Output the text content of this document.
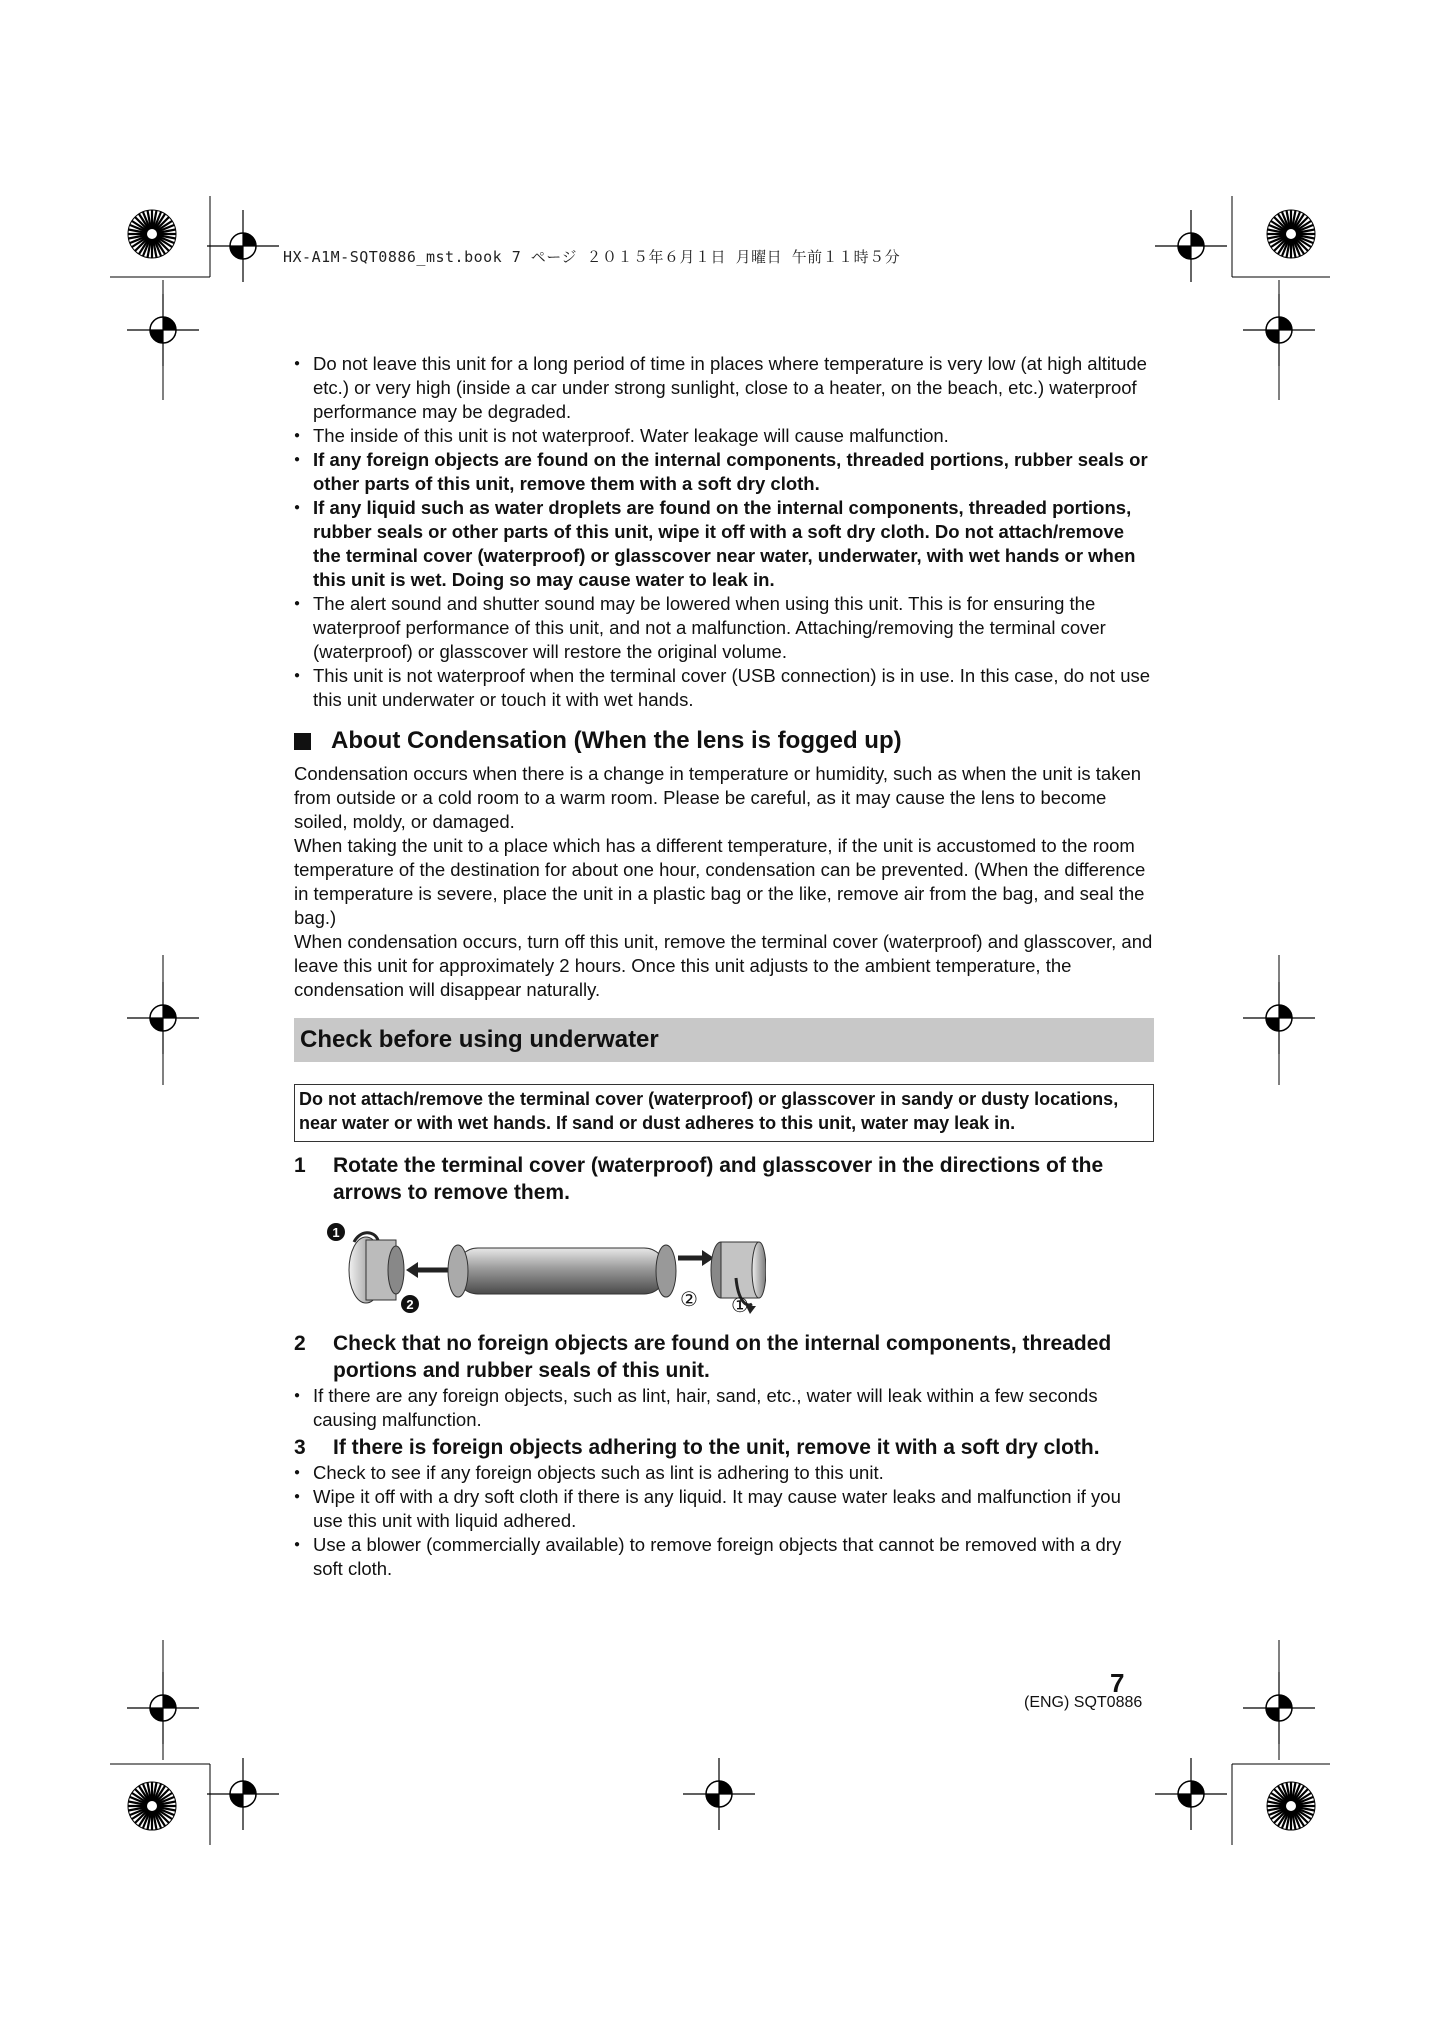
HX-A1M-SQT0886_mst.book 7 ページ ２０１５年６月１日 月曜日 午前１１時５分

● Do not leave this unit for a long period of time in places where temperature is very low (at high altitude etc.) or very high (inside a car under strong sunlight, close to a heater, on the beach, etc.) waterproof performance may be degraded.

● The inside of this unit is not waterproof. Water leakage will cause malfunction.

● If any foreign objects are found on the internal components, threaded portions, rubber seals or other parts of this unit, remove them with a soft dry cloth.

● If any liquid such as water droplets are found on the internal components, threaded portions, rubber seals or other parts of this unit, wipe it off with a soft dry cloth. Do not attach/remove the terminal cover (waterproof) or glasscover near water, underwater, with wet hands or when this unit is wet. Doing so may cause water to leak in.

● The alert sound and shutter sound may be lowered when using this unit. This is for ensuring the waterproof performance of this unit, and not a malfunction. Attaching/removing the terminal cover (waterproof) or glasscover will restore the original volume.

● This unit is not waterproof when the terminal cover (USB connection) is in use. In this case, do not use this unit underwater or touch it with wet hands.

About Condensation (When the lens is fogged up)

Condensation occurs when there is a change in temperature or humidity, such as when the unit is taken from outside or a cold room to a warm room. Please be careful, as it may cause the lens to become soiled, moldy, or damaged.

When taking the unit to a place which has a different temperature, if the unit is accustomed to the room temperature of the destination for about one hour, condensation can be prevented. (When the difference in temperature is severe, place the unit in a plastic bag or the like, remove air from the bag, and seal the bag.)

When condensation occurs, turn off this unit, remove the terminal cover (waterproof) and glasscover, and leave this unit for approximately 2 hours. Once this unit adjusts to the ambient temperature, the condensation will disappear naturally.

Check before using underwater
Do not attach/remove the terminal cover (waterproof) or glasscover in sandy or dusty locations, near water or with wet hands. If sand or dust adheres to this unit, water may leak in.
1	Rotate the terminal cover (waterproof) and glasscover in the directions of the arrows to remove them.
1
2	② ①
2	Check that no foreign objects are found on the internal components, threaded portions and rubber seals of this unit.

● If there are any foreign objects, such as lint, hair, sand, etc., water will leak within a few seconds causing malfunction.

3	If there is foreign objects adhering to the unit, remove it with a soft dry cloth.

● Check to see if any foreign objects such as lint is adhering to this unit.

● Wipe it off with a dry soft cloth if there is any liquid. It may cause water leaks and malfunction if you use this unit with liquid adhered.

● Use a blower (commercially available) to remove foreign objects that cannot be removed with a dry soft cloth.

7
(ENG) SQT0886
